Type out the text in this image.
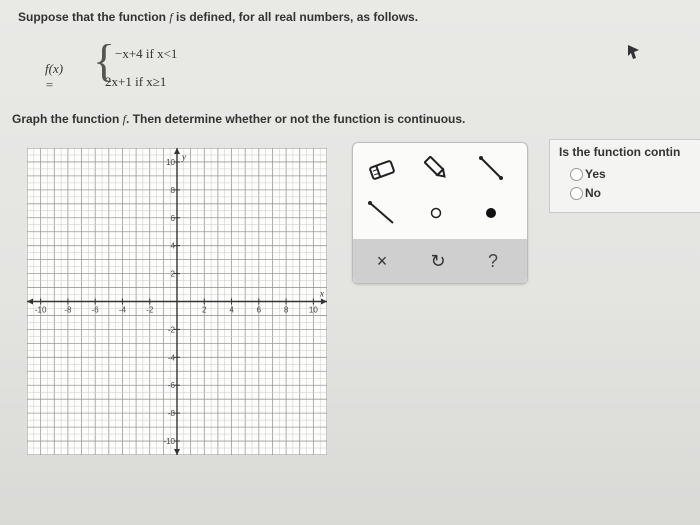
Suppose that the function f is defined, for all real numbers, as follows.
f(x) = { −x+4 if x<1
2x+1 if x≥1
Graph the function f. Then determine whether or not the function is continuous.
-10 -8	-6	-4	-2	2	4	6	8	10
10
8
6
4
2
-2
-4
-6
-8
-10
x
y
× ↻ ?
Is the function contin
Yes
No
